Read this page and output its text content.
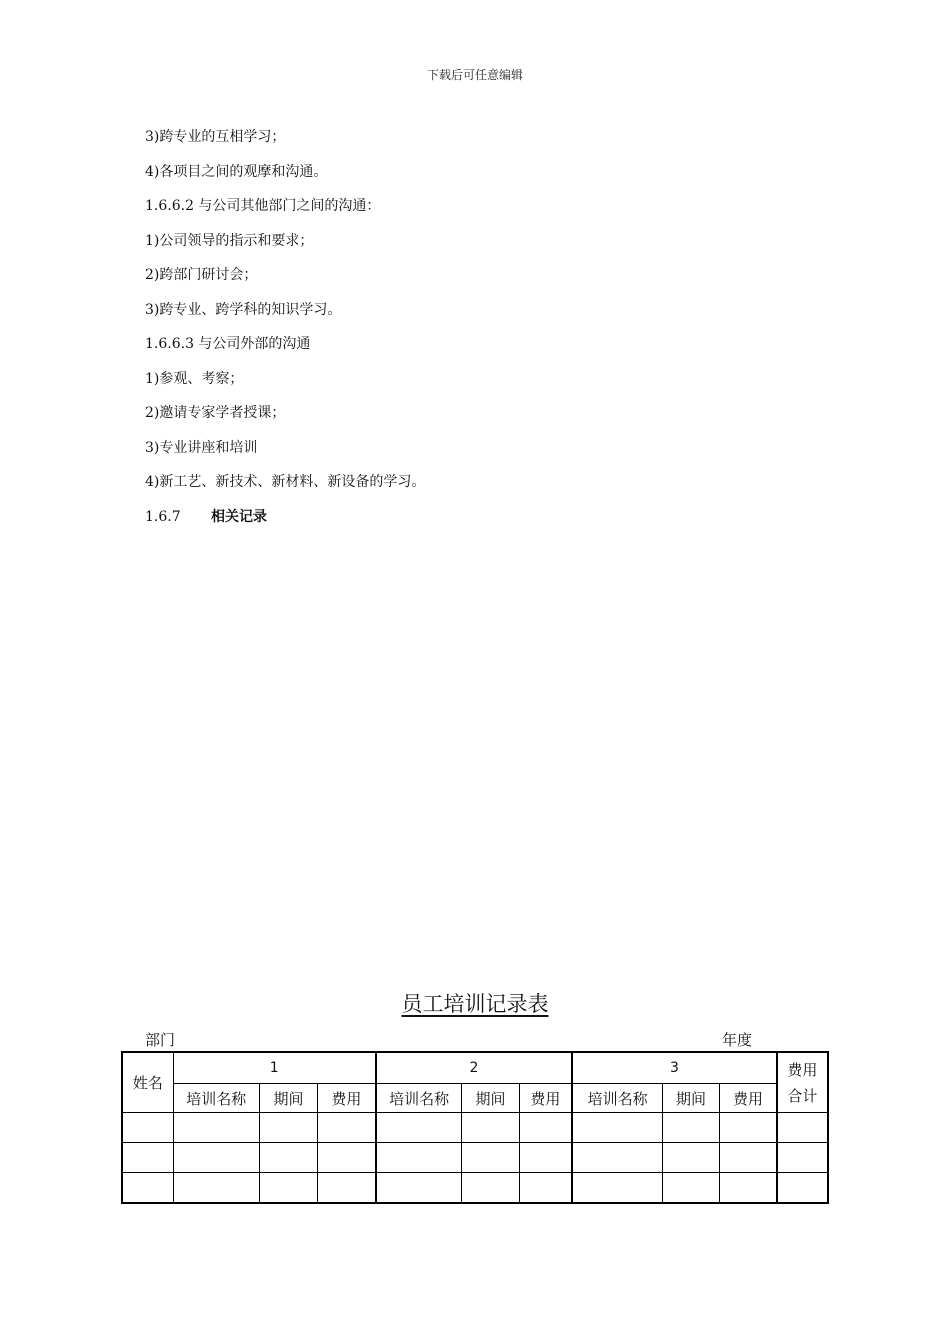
下载后可任意编辑
3)跨专业的互相学习；
4)各项目之间的观摩和沟通。
1.6.6.2 与公司其他部门之间的沟通：
1)公司领导的指示和要求；
2)跨部门研讨会；
3)跨专业、跨学科的知识学习。
1.6.6.3 与公司外部的沟通
1)参观、考察；
2)邀请专家学者授课；
3)专业讲座和培训
4)新工艺、新技术、新材料、新设备的学习。
1.6.7 相关记录
员工培训记录表
部门	年度
姓名	1			2			3			费用
合计

	培训名称	期间	费用	培训名称	期间	费用	培训名称	期间	费用	
